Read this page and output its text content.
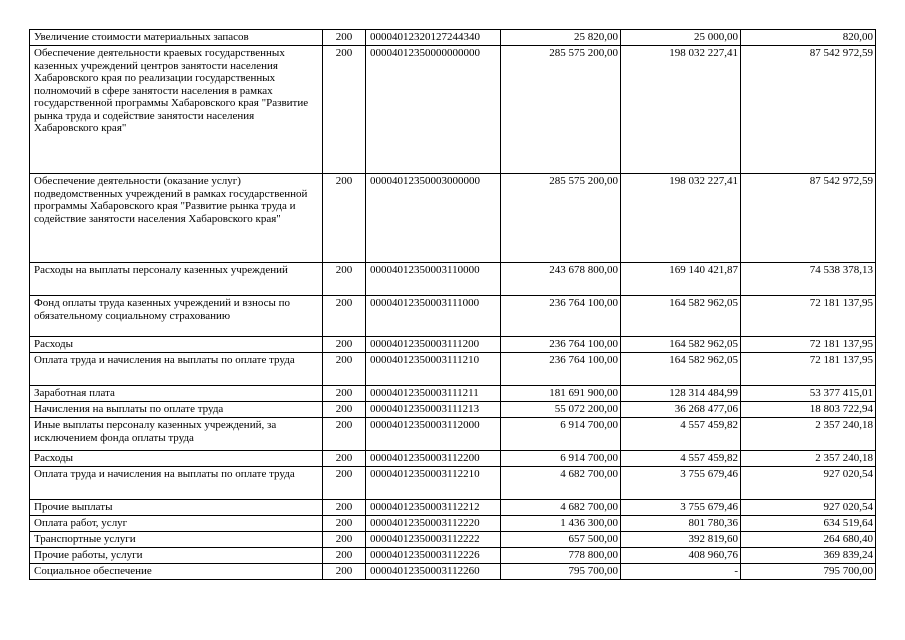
Увеличение стоимости материальных запасов	200	00004012320127244340	25 820,00	25 000,00	820,00
Обеспечение деятельности краевых государственных казенных учреждений центров занятости населения Хабаровского края по реализации государственных полномочий в сфере занятости населения в рамках государственной программы Хабаровского края "Развитие рынка труда и содействие занятости населения Хабаровского края"	200	00004012350000000000	285 575 200,00	198 032 227,41	87 542 972,59
Обеспечение деятельности (оказание услуг) подведомственных учреждений в рамках государственной программы Хабаровского края "Развитие рынка труда и содействие занятости населения Хабаровского края"	200	00004012350003000000	285 575 200,00	198 032 227,41	87 542 972,59
Расходы на выплаты персоналу казенных учреждений	200	00004012350003110000	243 678 800,00	169 140 421,87	74 538 378,13
Фонд оплаты труда казенных учреждений и взносы по обязательному социальному страхованию	200	00004012350003111000	236 764 100,00	164 582 962,05	72 181 137,95
Расходы	200	00004012350003111200	236 764 100,00	164 582 962,05	72 181 137,95
Оплата труда и начисления на выплаты по оплате труда	200	00004012350003111210	236 764 100,00	164 582 962,05	72 181 137,95
Заработная плата	200	00004012350003111211	181 691 900,00	128 314 484,99	53 377 415,01
Начисления на выплаты по оплате труда	200	00004012350003111213	55 072 200,00	36 268 477,06	18 803 722,94
Иные выплаты персоналу казенных учреждений, за исключением фонда оплаты труда	200	00004012350003112000	6 914 700,00	4 557 459,82	2 357 240,18
Расходы	200	00004012350003112200	6 914 700,00	4 557 459,82	2 357 240,18
Оплата труда и начисления на выплаты по оплате труда	200	00004012350003112210	4 682 700,00	3 755 679,46	927 020,54
Прочие выплаты	200	00004012350003112212	4 682 700,00	3 755 679,46	927 020,54
Оплата работ, услуг	200	00004012350003112220	1 436 300,00	801 780,36	634 519,64
Транспортные услуги	200	00004012350003112222	657 500,00	392 819,60	264 680,40
Прочие работы, услуги	200	00004012350003112226	778 800,00	408 960,76	369 839,24
Социальное обеспечение	200	00004012350003112260	795 700,00	-	795 700,00
